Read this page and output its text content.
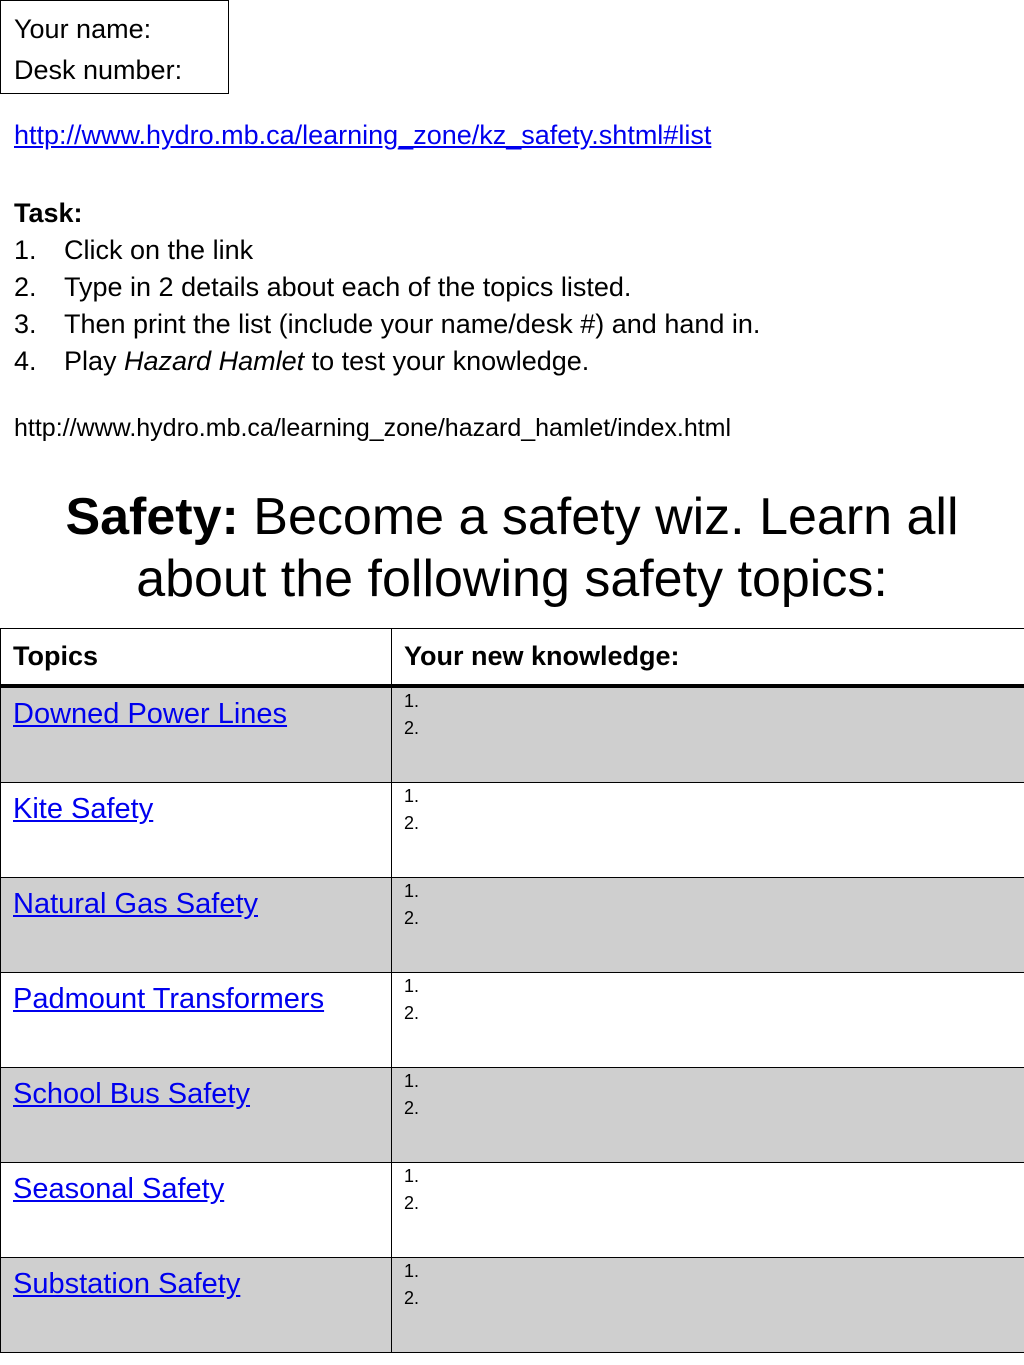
Your name:
Desk number:
http://www.hydro.mb.ca/learning_zone/kz_safety.shtml#list
Task:
1. Click on the link
2. Type in 2 details about each of the topics listed.
3. Then print the list (include your name/desk #) and hand in.
4. Play Hazard Hamlet to test your knowledge.
http://www.hydro.mb.ca/learning_zone/hazard_hamlet/index.html
Safety: Become a safety wiz. Learn all about the following safety topics:
Topics	Your new knowledge:
Downed Power Lines	1.
2.

Kite Safety	1.
2.

Natural Gas Safety	1.
2.

Padmount Transformers	1.
2.

School Bus Safety	1.
2.

Seasonal Safety	1.
2.

Substation Safety	1.
2.
